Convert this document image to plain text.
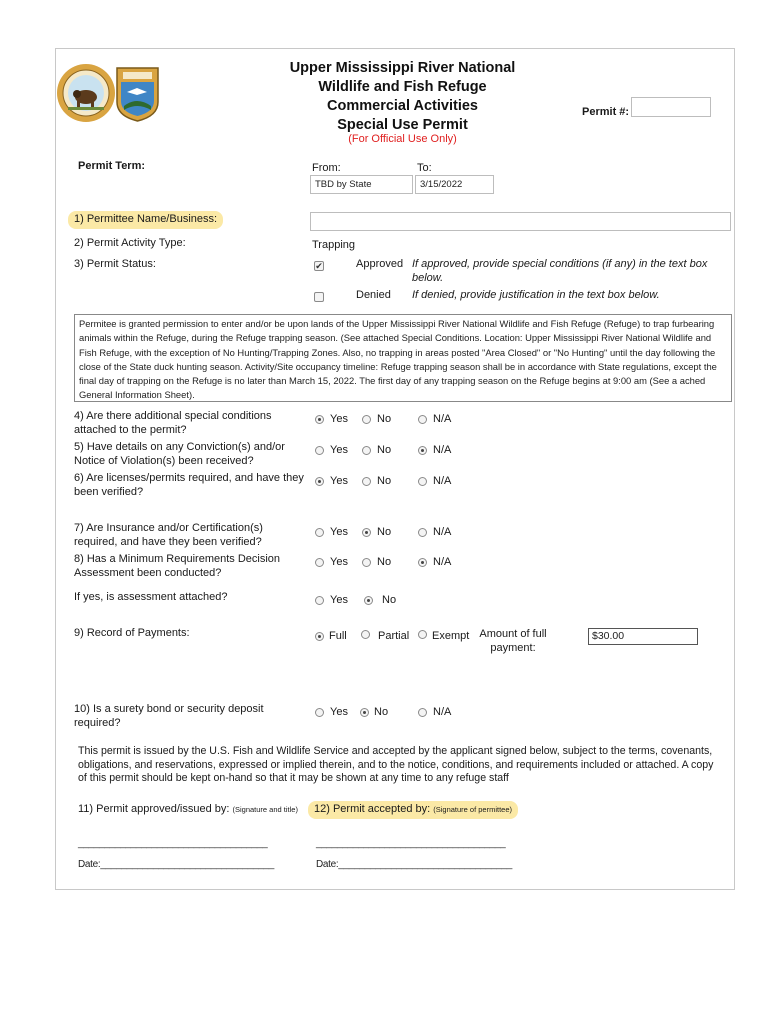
Upper Mississippi River National
Wildlife and Fish Refuge
Commercial Activities
Special Use Permit
(For Official Use Only)
Permit #:
Permit Term:	From:
TBD by State
To:
3/15/2022
1) Permittee Name/Business:
2) Permit Activity Type:	Trapping
3) Permit Status:	✔	Approved If approved, provide special conditions (if any) in the text box below.
Denied If denied, provide justification in the text box below.
Permitee is granted permission to enter and/or be upon lands of the Upper Mississippi River National Wildlife and Fish Refuge (Refuge) to trap furbearing animals within the Refuge, during the Refuge trapping season. (See attached Special Conditions. Location: Upper Mississippi River National Wildlife and Fish Refuge, with the exception of No Hunting/Trapping Zones. Also, no trapping in areas posted "Area Closed" or "No Hunting" until the day following the close of the State duck hunting season. Activity/Site occupancy timeline: Refuge trapping season shall be in accordance with State regulations, except the final day of trapping on the Refuge is no later than March 15, 2022. The first day of any trapping season on the Refuge begins at 9:00 am (See a ached General Information Sheet).
4) Are there additional special conditions attached to the permit?
Yes	No	N/A
5) Have details on any Conviction(s) and/or Notice of Violation(s) been received?
Yes	No	N/A
6) Are licenses/permits required, and have they been verified?
Yes	No	N/A
7) Are Insurance and/or Certification(s) required, and have they been verified?
Yes	No	N/A
8) Has a Minimum Requirements Decision Assessment been conducted?
Yes	No	N/A
If yes, is assessment attached?	Yes	No
9) Record of Payments:	Full	Partial Exempt Amount of full payment:
$30.00
10) Is a surety bond or security deposit required?
Yes No	N/A
This permit is issued by the U.S. Fish and Wildlife Service and accepted by the applicant signed below, subject to the terms, covenants, obligations, and reservations, expressed or implied therein, and to the notice, conditions, and requirements included or attached. A copy of this permit should be kept on-hand so that it may be shown at any time to any refuge staff
11) Permit approved/issued by: (Signature and title)	12) Permit accepted by: (Signature of permittee)
____________________________________	____________________________________
Date:_________________________________	Date:_________________________________
